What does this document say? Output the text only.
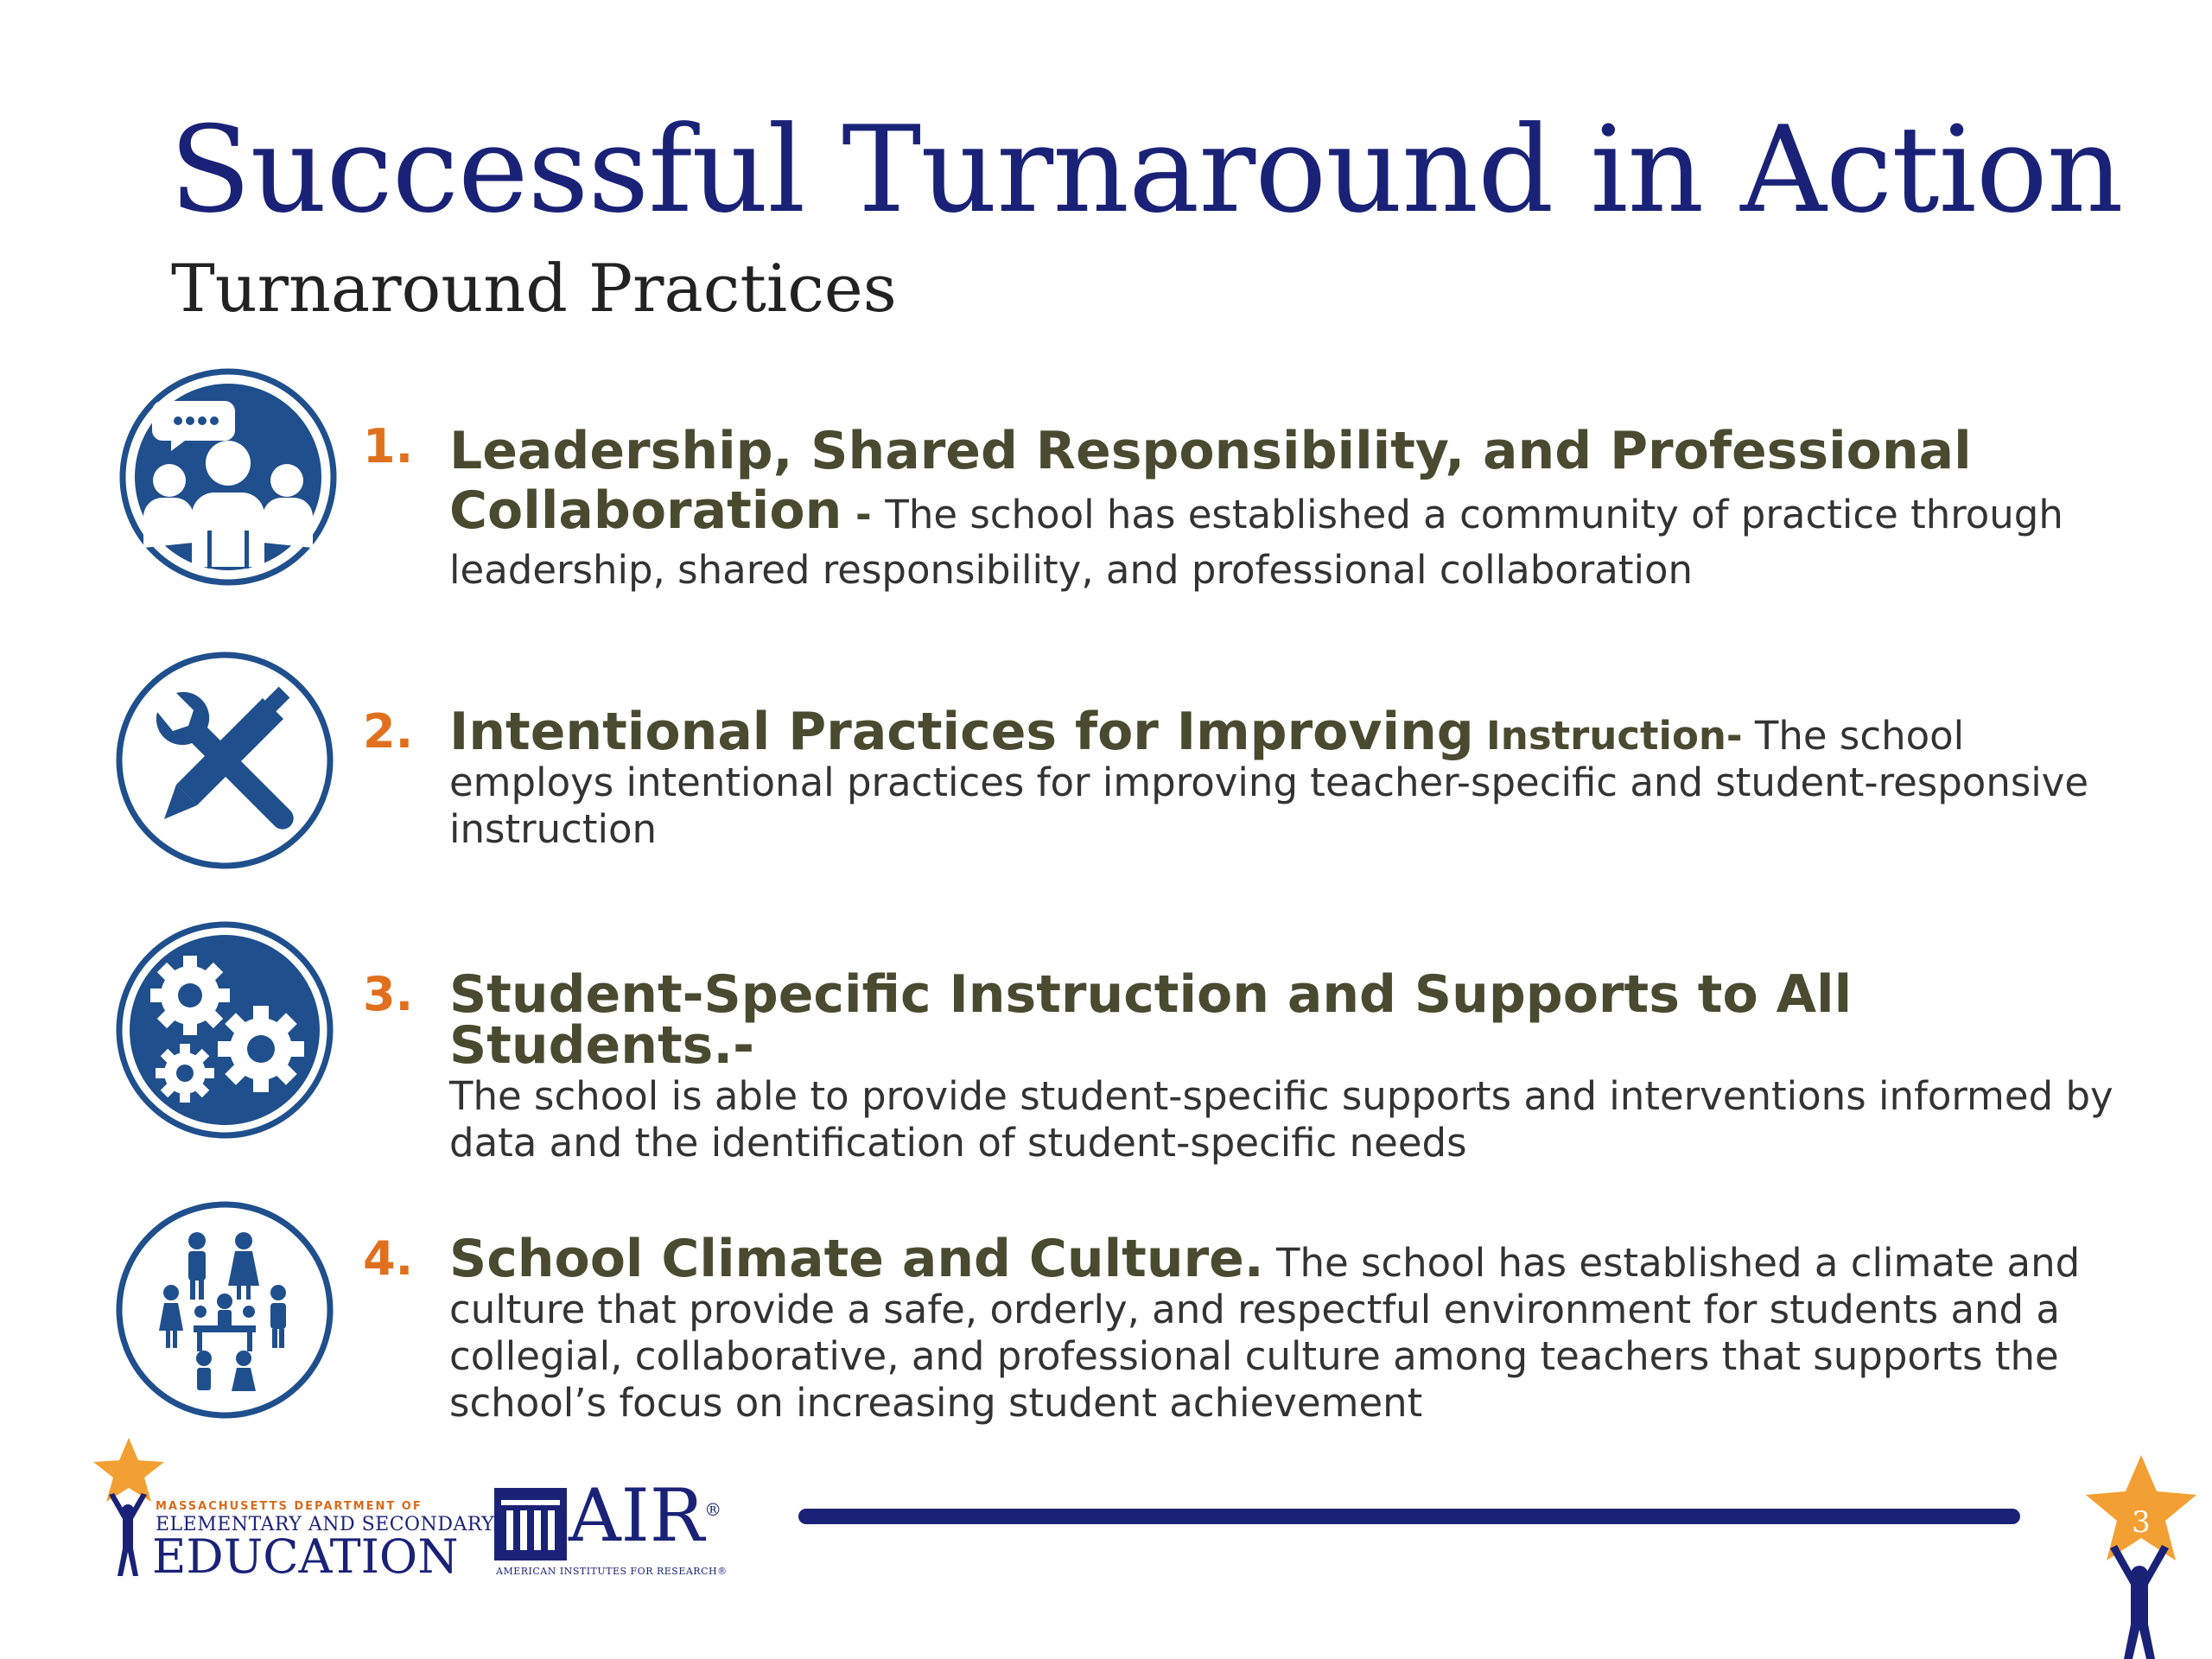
Successful Turnaround in Action
Turnaround Practices
1. Leadership, Shared Responsibility, and Professional Collaboration - The school has established a community of practice through leadership, shared responsibility, and professional collaboration
2. Intentional Practices for Improving Instruction- The school employs intentional practices for improving teacher-specific and student-responsive instruction
3. Student-Specific Instruction and Supports to All Students.-
The school is able to provide student-specific supports and interventions informed by data and the identification of student-specific needs
4. School Climate and Culture. The school has established a climate and culture that provide a safe, orderly, and respectful environment for students and a collegial, collaborative, and professional culture among teachers that supports the school’s focus on increasing student achievement
MASSACHUSETTS DEPARTMENT OF
ELEMENTARY AND SECONDARY
EDUCATION AIR®
AMERICAN INSTITUTES FOR RESEARCH®
3
